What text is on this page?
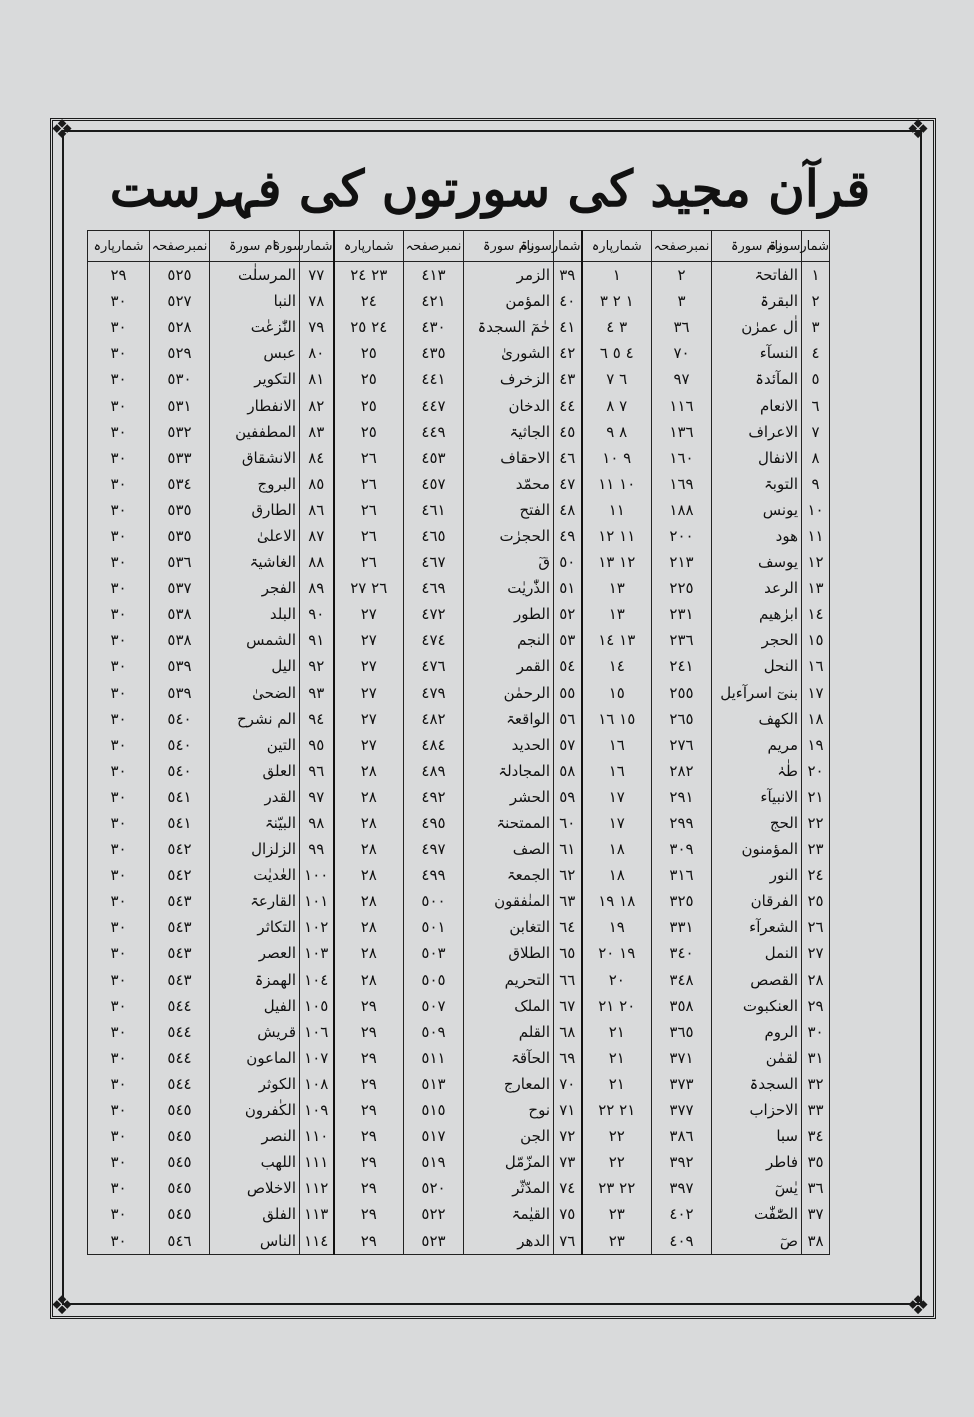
❖	❖
❖	❖
قرآن مجید کی سورتوں کی فہرست
شمارسورۃ	نام سورۃ	نمبرصفحہ	شمارپارہ	شمارسورۃ	نام سورۃ	نمبرصفحہ	شمارپارہ	شمارسورۃ	نام سورۃ	نمبرصفحہ	شمارپارہ
١	الفاتحۃ	٢	١	٣٩	الزمر	٤١٣	٢٣ ٢٤	٧٧	المرسلٰت	٥٢٥	٢٩
٢	البقرۃ	٣	١ ٢ ٣	٤٠	المؤمن	٤٢١	٢٤	٧٨	النبا	٥٢٧	٣٠
٣	اٰل عمرٰن	٣٦	٣ ٤	٤١	حٰمٓ السجدۃ	٤٣٠	٢٤ ٢٥	٧٩	النّٰزعٰت	٥٢٨	٣٠
٤	النسآء	٧٠	٤ ٥ ٦	٤٢	الشوریٰ	٤٣٥	٢٥	٨٠	عبس	٥٢٩	٣٠
٥	المآئدۃ	٩٧	٦ ٧	٤٣	الزخرف	٤٤١	٢٥	٨١	التکویر	٥٣٠	٣٠
٦	الانعام	١١٦	٧ ٨	٤٤	الدخان	٤٤٧	٢٥	٨٢	الانفطار	٥٣١	٣٠
٧	الاعراف	١٣٦	٨ ٩	٤٥	الجاثیۃ	٤٤٩	٢٥	٨٣	المطففین	٥٣٢	٣٠
٨	الانفال	١٦٠	٩ ١٠	٤٦	الاحقاف	٤٥٣	٢٦	٨٤	الانشقاق	٥٣٣	٣٠
٩	التوبۃ	١٦٩	١٠ ١١	٤٧	محمّد	٤٥٧	٢٦	٨٥	البروج	٥٣٤	٣٠
١٠	یونس	١٨٨	١١	٤٨	الفتح	٤٦١	٢٦	٨٦	الطارق	٥٣٥	٣٠
١١	ھود	٢٠٠	١١ ١٢	٤٩	الحجرٰت	٤٦٥	٢٦	٨٧	الاعلیٰ	٥٣٥	٣٠
١٢	یوسف	٢١٣	١٢ ١٣	٥٠	قٓ	٤٦٧	٢٦	٨٨	الغاشیۃ	٥٣٦	٣٠
١٣	الرعد	٢٢٥	١٣	٥١	الذّٰریٰت	٤٦٩	٢٦ ٢٧	٨٩	الفجر	٥٣٧	٣٠
١٤	ابرٰھیم	٢٣١	١٣	٥٢	الطور	٤٧٢	٢٧	٩٠	البلد	٥٣٨	٣٠
١٥	الحجر	٢٣٦	١٣ ١٤	٥٣	النجم	٤٧٤	٢٧	٩١	الشمس	٥٣٨	٣٠
١٦	النحل	٢٤١	١٤	٥٤	القمر	٤٧٦	٢٧	٩٢	الیل	٥٣٩	٣٠
١٧	بنیٓ اسرآءیل	٢٥٥	١٥	٥٥	الرحمٰن	٤٧٩	٢٧	٩٣	الضحیٰ	٥٣٩	٣٠
١٨	الکھف	٢٦٥	١٥ ١٦	٥٦	الواقعۃ	٤٨٢	٢٧	٩٤	الم نشرح	٥٤٠	٣٠
١٩	مریم	٢٧٦	١٦	٥٧	الحدید	٤٨٤	٢٧	٩٥	التین	٥٤٠	٣٠
٢٠	طٰہٰ	٢٨٢	١٦	٥٨	المجادلۃ	٤٨٩	٢٨	٩٦	العلق	٥٤٠	٣٠
٢١	الانبیآء	٢٩١	١٧	٥٩	الحشر	٤٩٢	٢٨	٩٧	القدر	٥٤١	٣٠
٢٢	الحج	٢٩٩	١٧	٦٠	الممتحنۃ	٤٩٥	٢٨	٩٨	البیّنۃ	٥٤١	٣٠
٢٣	المؤمنون	٣٠٩	١٨	٦١	الصف	٤٩٧	٢٨	٩٩	الزلزال	٥٤٢	٣٠
٢٤	النور	٣١٦	١٨	٦٢	الجمعۃ	٤٩٩	٢٨	١٠٠	العٰدیٰت	٥٤٢	٣٠
٢٥	الفرقان	٣٢٥	١٨ ١٩	٦٣	المنٰفقون	٥٠٠	٢٨	١٠١	القارعۃ	٥٤٣	٣٠
٢٦	الشعرآء	٣٣١	١٩	٦٤	التغابن	٥٠١	٢٨	١٠٢	التکاثر	٥٤٣	٣٠
٢٧	النمل	٣٤٠	١٩ ٢٠	٦٥	الطلاق	٥٠٣	٢٨	١٠٣	العصر	٥٤٣	٣٠
٢٨	القصص	٣٤٨	٢٠	٦٦	التحریم	٥٠٥	٢٨	١٠٤	الھمزۃ	٥٤٣	٣٠
٢٩	العنکبوت	٣٥٨	٢٠ ٢١	٦٧	الملک	٥٠٧	٢٩	١٠٥	الفیل	٥٤٤	٣٠
٣٠	الروم	٣٦٥	٢١	٦٨	القلم	٥٠٩	٢٩	١٠٦	قریش	٥٤٤	٣٠
٣١	لقمٰن	٣٧١	٢١	٦٩	الحآقۃ	٥١١	٢٩	١٠٧	الماعون	٥٤٤	٣٠
٣٢	السجدۃ	٣٧٣	٢١	٧٠	المعارج	٥١٣	٢٩	١٠٨	الکوثر	٥٤٤	٣٠
٣٣	الاحزاب	٣٧٧	٢١ ٢٢	٧١	نوح	٥١٥	٢٩	١٠٩	الکٰفرون	٥٤٥	٣٠
٣٤	سبا	٣٨٦	٢٢	٧٢	الجن	٥١٧	٢٩	١١٠	النصر	٥٤٥	٣٠
٣٥	فاطر	٣٩٢	٢٢	٧٣	المزّمّل	٥١٩	٢٩	١١١	اللھب	٥٤٥	٣٠
٣٦	یٰسٓ	٣٩٧	٢٢ ٢٣	٧٤	المدّثّر	٥٢٠	٢٩	١١٢	الاخلاص	٥٤٥	٣٠
٣٧	الصّٰفّٰت	٤٠٢	٢٣	٧٥	القیٰمۃ	٥٢٢	٢٩	١١٣	الفلق	٥٤٥	٣٠
٣٨	صٓ	٤٠٩	٢٣	٧٦	الدھر	٥٢٣	٢٩	١١٤	الناس	٥٤٦	٣٠
